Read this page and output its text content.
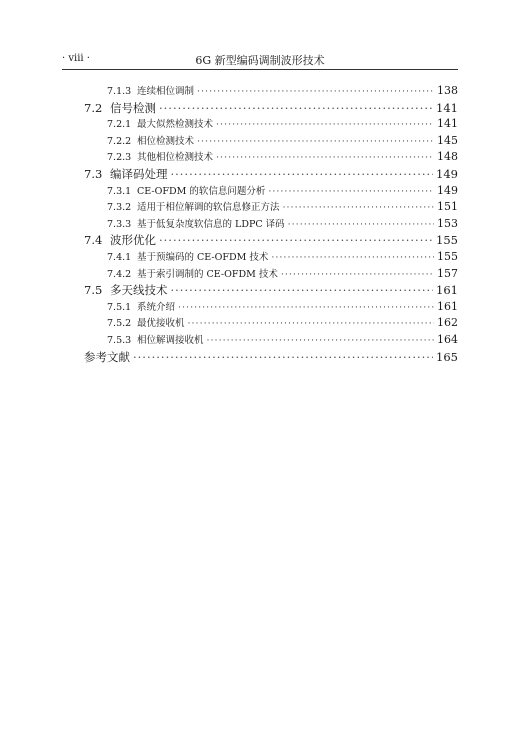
· viii ·	6G 新型编码调制波形技术
7.1.3 连续相位调制 ·····	138
7.2 信号检测 ·····	141
7.2.1 最大似然检测技术 ·····	141
7.2.2 相位检测技术 ·····	145
7.2.3 其他相位检测技术 ·····	148
7.3 编译码处理 ·····	149
7.3.1 CE-OFDM 的软信息问题分析 ·····	149
7.3.2 适用于相位解调的软信息修正方法 ·····	151
7.3.3 基于低复杂度软信息的 LDPC 译码 ·····	153
7.4 波形优化 ·····	155
7.4.1 基于预编码的 CE-OFDM 技术 ·····	155
7.4.2 基于索引调制的 CE-OFDM 技术 ·····	157
7.5 多天线技术 ·····	161
7.5.1 系统介绍 ·····	161
7.5.2 最优接收机 ·····	162
7.5.3 相位解调接收机 ·····	164
参考文献 ·····	165
